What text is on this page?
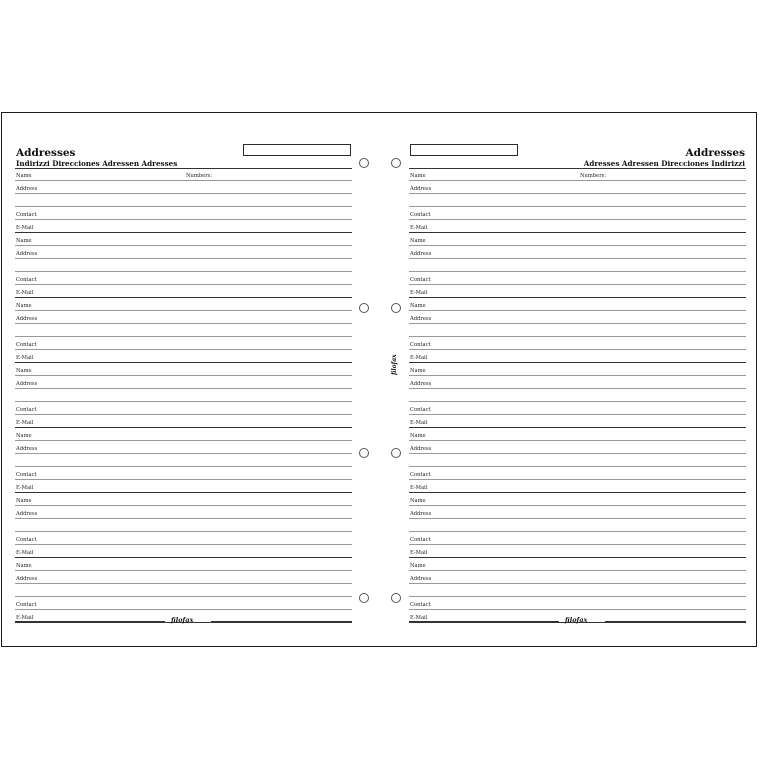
Addresses
Indirizzi Direcciones Adressen Adresses
Name
Address
Contact
E-Mail
Name
Address
Contact
E-Mail
Name
Address
Contact
E-Mail
Name
Address
Contact
E-Mail
Name
Address
Contact
E-Mail
Name
Address
Contact
E-Mail
Name
Address
Contact
E-Mail
Numbers:
filofax
Addresses
Adresses Adressen Direcciones Indirizzi
Name
Address
Contact
E-Mail
Name
Address
Contact
E-Mail
Name
Address
Contact
E-Mail
Name
Address
Contact
E-Mail
Name
Address
Contact
E-Mail
Name
Address
Contact
E-Mail
Name
Address
Contact
E-Mail
Numbers:
filofax
filofax
